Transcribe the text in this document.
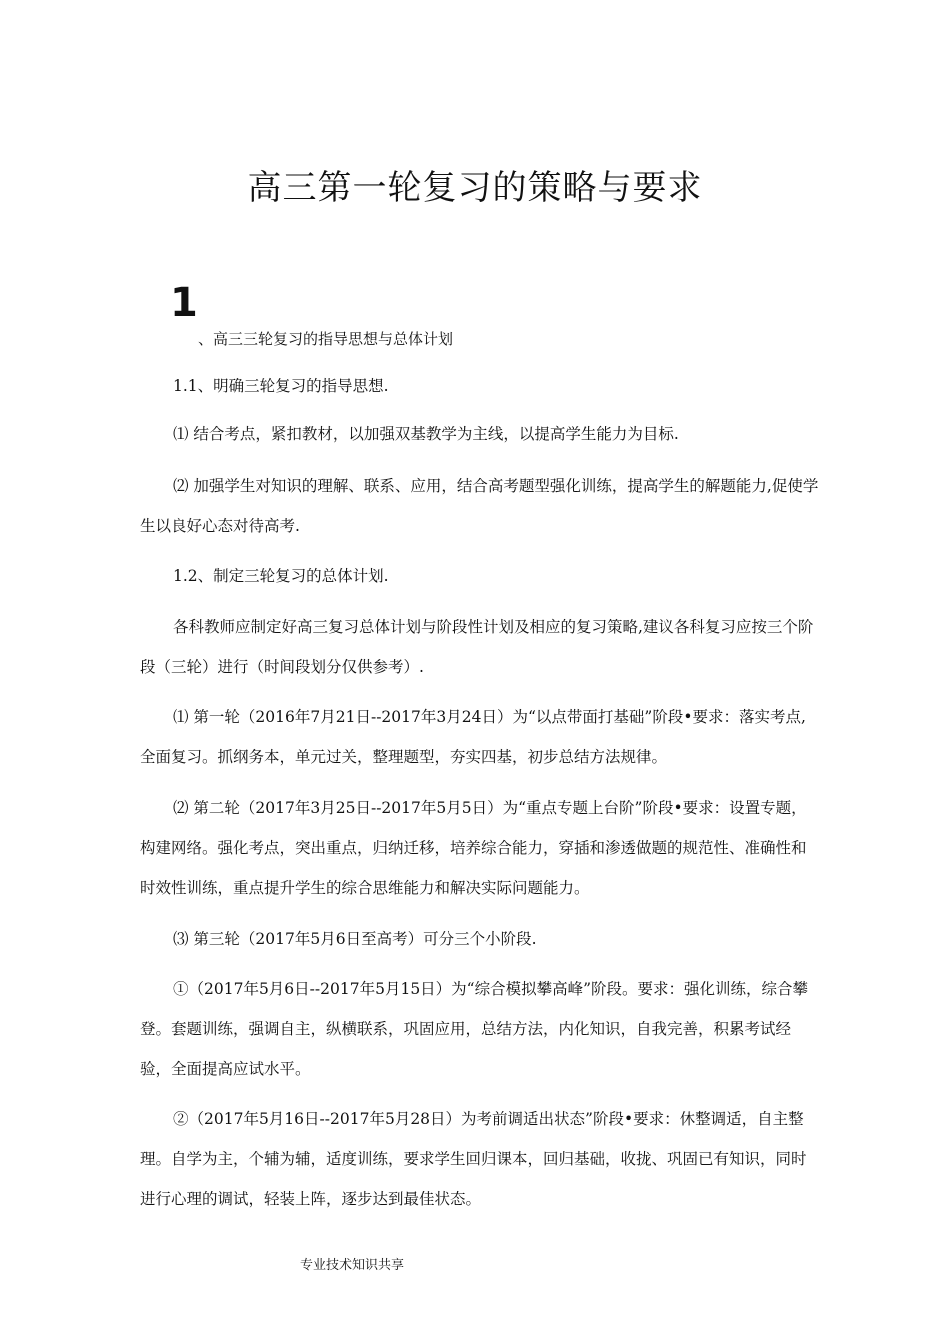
高三第一轮复习的策略与要求
1
、高三三轮复习的指导思想与总体计划

1.1、明确三轮复习的指导思想.

⑴ 结合考点，紧扣教材，以加强双基教学为主线，以提高学生能力为目标.

⑵ 加强学生对知识的理解、联系、应用，结合高考题型强化训练，提高学生的解题能力,促使学生以良好心态对待高考.

1.2、制定三轮复习的总体计划.

各科教师应制定好高三复习总体计划与阶段性计划及相应的复习策略,建议各科复习应按三个阶段（三轮）进行（时间段划分仅供参考）.

⑴ 第一轮（2016年7月21日--2017年3月24日）为“以点带面打基础”阶段•要求：落实考点,全面复习。抓纲务本，单元过关，整理题型，夯实四基，初步总结方法规律。

⑵ 第二轮（2017年3月25日--2017年5月5日）为“重点专题上台阶”阶段•要求：设置专题，构建网络。强化考点，突出重点，归纳迁移，培养综合能力，穿插和渗透做题的规范性、准确性和时效性训练，重点提升学生的综合思维能力和解决实际问题能力。

⑶ 第三轮（2017年5月6日至高考）可分三个小阶段.

①（2017年5月6日--2017年5月15日）为“综合模拟攀高峰”阶段。要求：强化训练，综合攀登。套题训练，强调自主，纵横联系，巩固应用，总结方法，内化知识，自我完善，积累考试经验，全面提高应试水平。

②（2017年5月16日--2017年5月28日）为考前调适出状态”阶段•要求：休整调适，自主整理。自学为主，个辅为辅，适度训练，要求学生回归课本，回归基础，收拢、巩固已有知识，同时进行心理的调试，轻装上阵，逐步达到最佳状态。

专业技术知识共享
